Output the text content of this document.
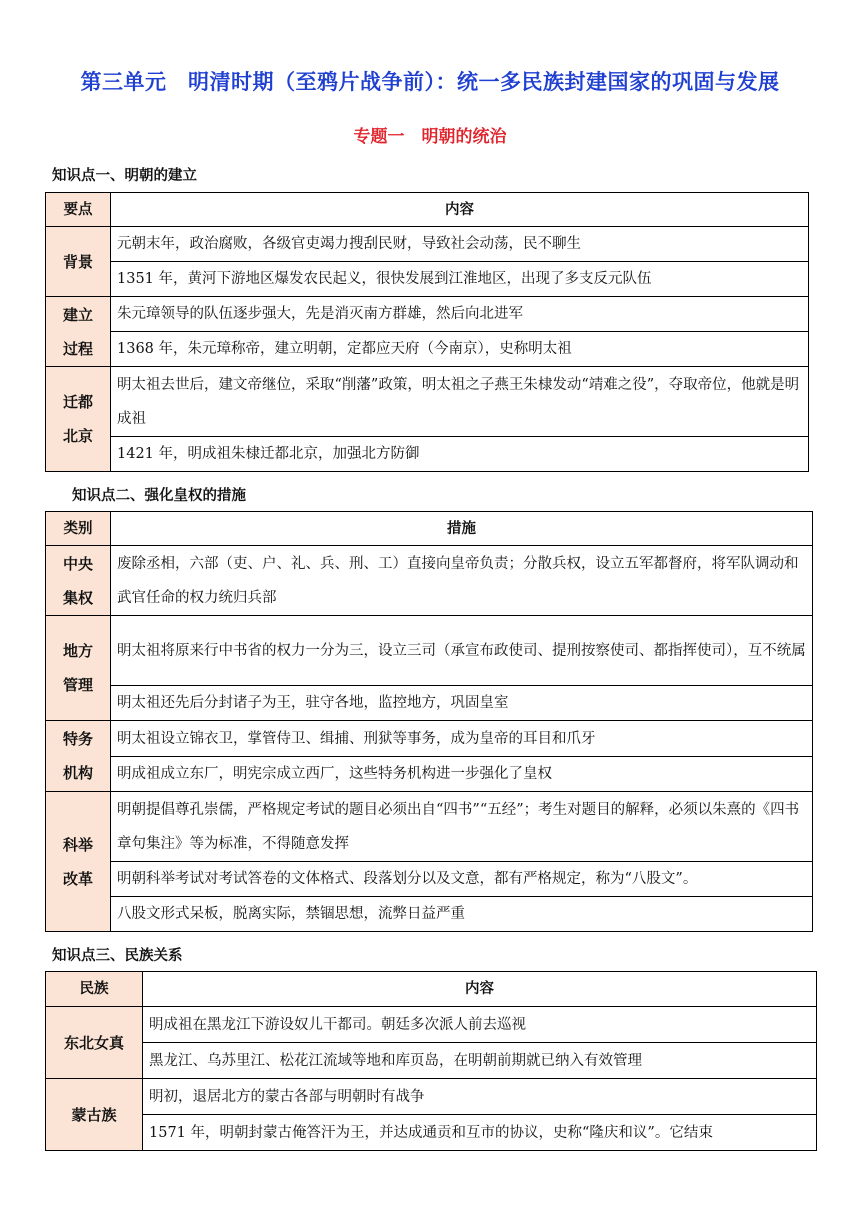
第三单元　明清时期（至鸦片战争前）：统一多民族封建国家的巩固与发展
专题一　明朝的统治
知识点一、明朝的建立
要点	内容

背景	元朝末年，政治腐败，各级官吏竭力搜刮民财，导致社会动荡，民不聊生
	1351 年，黄河下游地区爆发农民起义，很快发展到江淮地区，出现了多支反元队伍

建立
过程	朱元璋领导的队伍逐步强大，先是消灭南方群雄，然后向北进军
	1368 年，朱元璋称帝，建立明朝，定都应天府（今南京），史称明太祖

迁都
北京	明太祖去世后，建文帝继位，采取“削藩”政策，明太祖之子燕王朱棣发动“靖难之役”，夺取帝位，他就是明成祖
	1421 年，明成祖朱棣迁都北京，加强北方防御
知识点二、强化皇权的措施
类别	措施

中央
集权	废除丞相，六部（吏、户、礼、兵、刑、工）直接向皇帝负责；分散兵权，设立五军都督府，将军队调动和武官任命的权力统归兵部

地方
管理	明太祖将原来行中书省的权力一分为三，设立三司（承宣布政使司、提刑按察使司、都指挥使司），互不统属
	明太祖还先后分封诸子为王，驻守各地，监控地方，巩固皇室

特务
机构	明太祖设立锦衣卫，掌管侍卫、缉捕、刑狱等事务，成为皇帝的耳目和爪牙
	明成祖成立东厂，明宪宗成立西厂，这些特务机构进一步强化了皇权

科举
改革	明朝提倡尊孔崇儒，严格规定考试的题目必须出自“四书”“五经”；考生对题目的解释，必须以朱熹的《四书章句集注》等为标准，不得随意发挥
	明朝科举考试对考试答卷的文体格式、段落划分以及文意，都有严格规定，称为“八股文”。
	八股文形式呆板，脱离实际，禁锢思想，流弊日益严重
知识点三、民族关系
民族	内容

东北女真	明成祖在黑龙江下游设奴儿干都司。朝廷多次派人前去巡视
	黑龙江、乌苏里江、松花江流域等地和库页岛，在明朝前期就已纳入有效管理

蒙古族	明初，退居北方的蒙古各部与明朝时有战争
	1571 年，明朝封蒙古俺答汗为王，并达成通贡和互市的协议，史称“隆庆和议”。它结束
